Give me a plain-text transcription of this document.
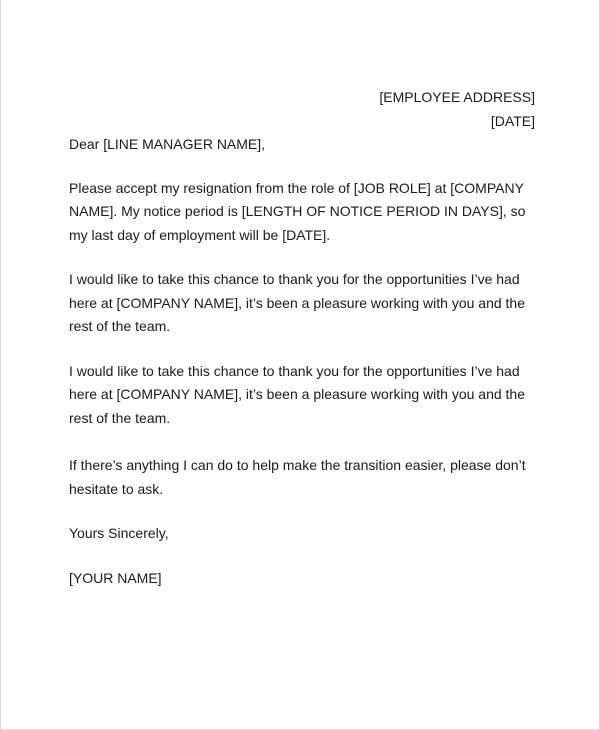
[EMPLOYEE ADDRESS]
[DATE]

Dear [LINE MANAGER NAME],

Please accept my resignation from the role of [JOB ROLE] at [COMPANY NAME]. My notice period is [LENGTH OF NOTICE PERIOD IN DAYS], so my last day of employment will be [DATE].

I would like to take this chance to thank you for the opportunities I’ve had here at [COMPANY NAME], it’s been a pleasure working with you and the rest of the team.

I would like to take this chance to thank you for the opportunities I’ve had here at [COMPANY NAME], it’s been a pleasure working with you and the rest of the team.

If there’s anything I can do to help make the transition easier, please don’t hesitate to ask.

Yours Sincerely,

[YOUR NAME]
